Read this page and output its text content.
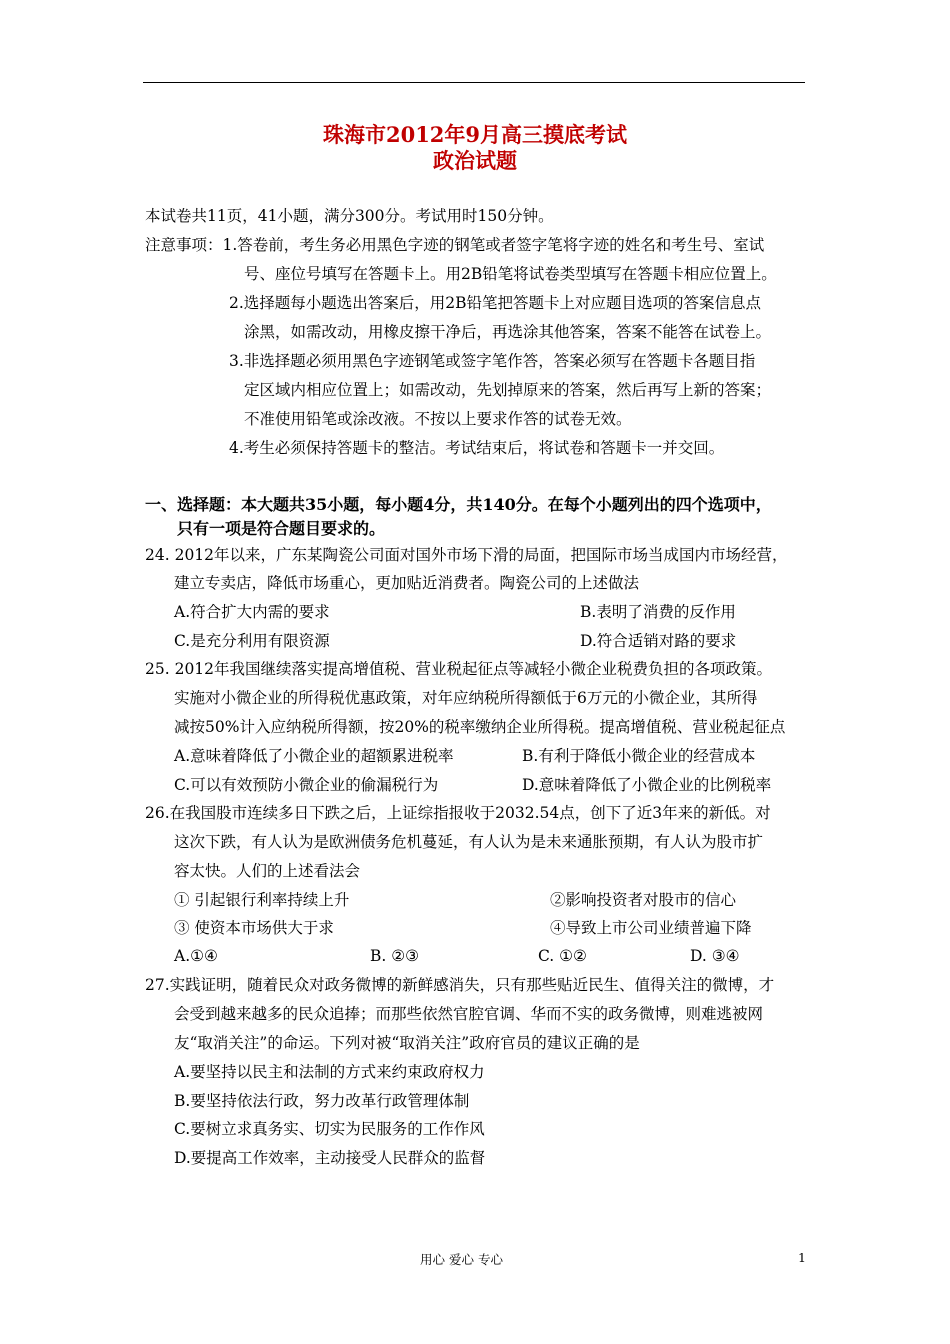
珠海市2012年9月高三摸底考试
政治试题
本试卷共11页，41小题，满分300分。考试用时150分钟。
注意事项：1.答卷前，考生务必用黑色字迹的钢笔或者签字笔将字迹的姓名和考生号、室试
号、座位号填写在答题卡上。用2B铅笔将试卷类型填写在答题卡相应位置上。
2.选择题每小题选出答案后，用2B铅笔把答题卡上对应题目选项的答案信息点
涂黑，如需改动，用橡皮擦干净后，再选涂其他答案，答案不能答在试卷上。
3.非选择题必须用黑色字迹钢笔或签字笔作答，答案必须写在答题卡各题目指
定区域内相应位置上；如需改动，先划掉原来的答案，然后再写上新的答案；
不准使用铅笔或涂改液。不按以上要求作答的试卷无效。
4.考生必须保持答题卡的整洁。考试结束后，将试卷和答题卡一并交回。
一、选择题：本大题共35小题，每小题4分，共140分。在每个小题列出的四个选项中，
只有一项是符合题目要求的。
24. 2012年以来，广东某陶瓷公司面对国外市场下滑的局面，把国际市场当成国内市场经营，
建立专卖店，降低市场重心，更加贴近消费者。陶瓷公司的上述做法
A.符合扩大内需的要求	B.表明了消费的反作用
C.是充分利用有限资源	D.符合适销对路的要求
25. 2012年我国继续落实提高增值税、营业税起征点等减轻小微企业税费负担的各项政策。
实施对小微企业的所得税优惠政策，对年应纳税所得额低于6万元的小微企业，其所得
减按50%计入应纳税所得额，按20%的税率缴纳企业所得税。提高增值税、营业税起征点
A.意味着降低了小微企业的超额累进税率	B.有利于降低小微企业的经营成本
C.可以有效预防小微企业的偷漏税行为	D.意味着降低了小微企业的比例税率
26.在我国股市连续多日下跌之后，上证综指报收于2032.54点，创下了近3年来的新低。对
这次下跌，有人认为是欧洲债务危机蔓延，有人认为是未来通胀预期，有人认为股市扩
容太快。人们的上述看法会
① 引起银行利率持续上升	②影响投资者对股市的信心
③ 使资本市场供大于求	④导致上市公司业绩普遍下降
A.①④	B. ②③	C. ①②	D. ③④
27.实践证明，随着民众对政务微博的新鲜感消失，只有那些贴近民生、值得关注的微博，才
会受到越来越多的民众追捧；而那些依然官腔官调、华而不实的政务微博，则难逃被网
友“取消关注”的命运。下列对被“取消关注”政府官员的建议正确的是
A.要坚持以民主和法制的方式来约束政府权力
B.要坚持依法行政，努力改革行政管理体制
C.要树立求真务实、切实为民服务的工作作风
D.要提高工作效率，主动接受人民群众的监督
用心 爱心 专心	1
